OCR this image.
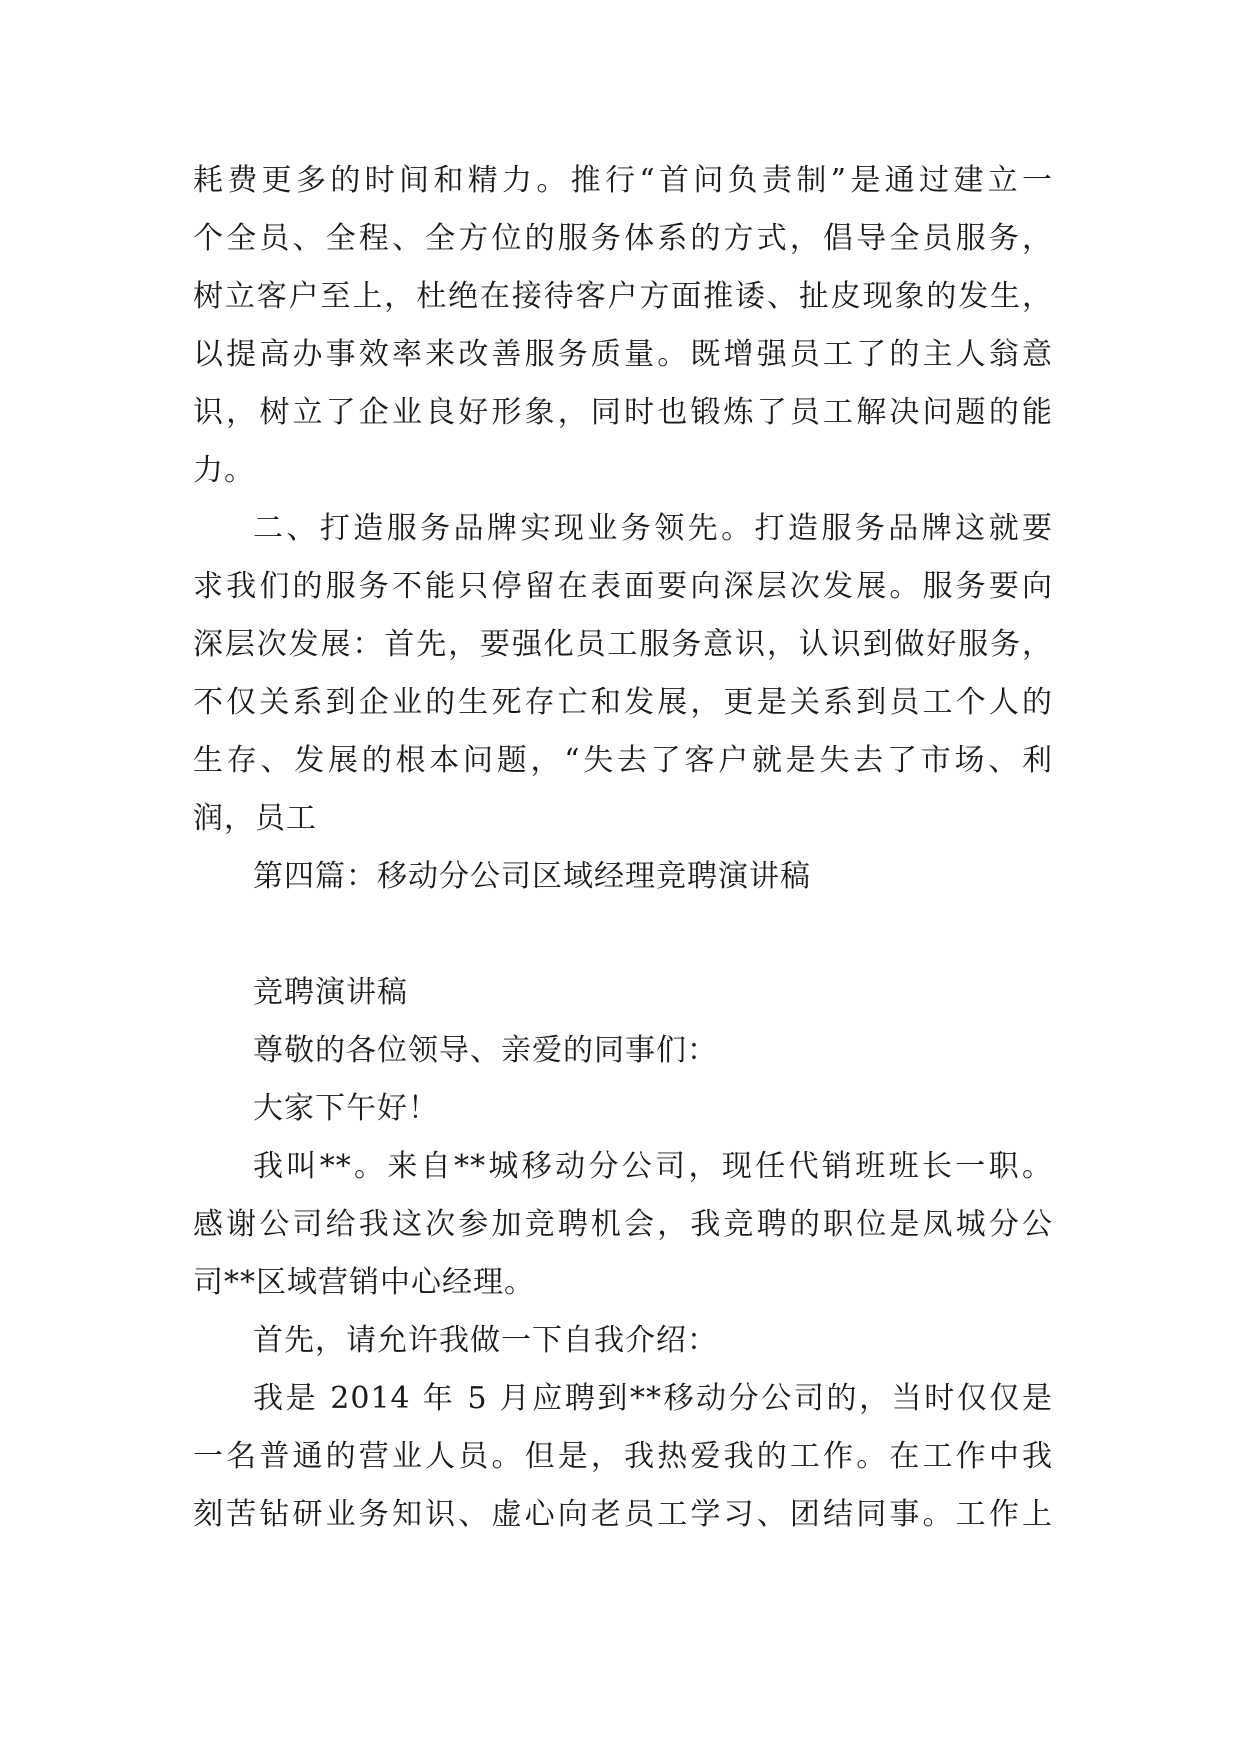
耗费更多的时间和精力。推行“首问负责制”是通过建立一
个全员、全程、全方位的服务体系的方式，倡导全员服务，
树立客户至上，杜绝在接待客户方面推诿、扯皮现象的发生，
以提高办事效率来改善服务质量。既增强员工了的主人翁意
识，树立了企业良好形象，同时也锻炼了员工解决问题的能
力。
二、打造服务品牌实现业务领先。打造服务品牌这就要
求我们的服务不能只停留在表面要向深层次发展。服务要向
深层次发展：首先，要强化员工服务意识，认识到做好服务，
不仅关系到企业的生死存亡和发展，更是关系到员工个人的
生存、发展的根本问题，“失去了客户就是失去了市场、利
润，员工
第四篇：移动分公司区域经理竞聘演讲稿
竞聘演讲稿
尊敬的各位领导、亲爱的同事们：
大家下午好！
我叫**。来自**城移动分公司，现任代销班班长一职。
感谢公司给我这次参加竞聘机会，我竞聘的职位是凤城分公
司**区域营销中心经理。
首先，请允许我做一下自我介绍：
我是 2014 年 5 月应聘到**移动分公司的，当时仅仅是
一名普通的营业人员。但是，我热爱我的工作。在工作中我
刻苦钻研业务知识、虚心向老员工学习、团结同事。工作上
